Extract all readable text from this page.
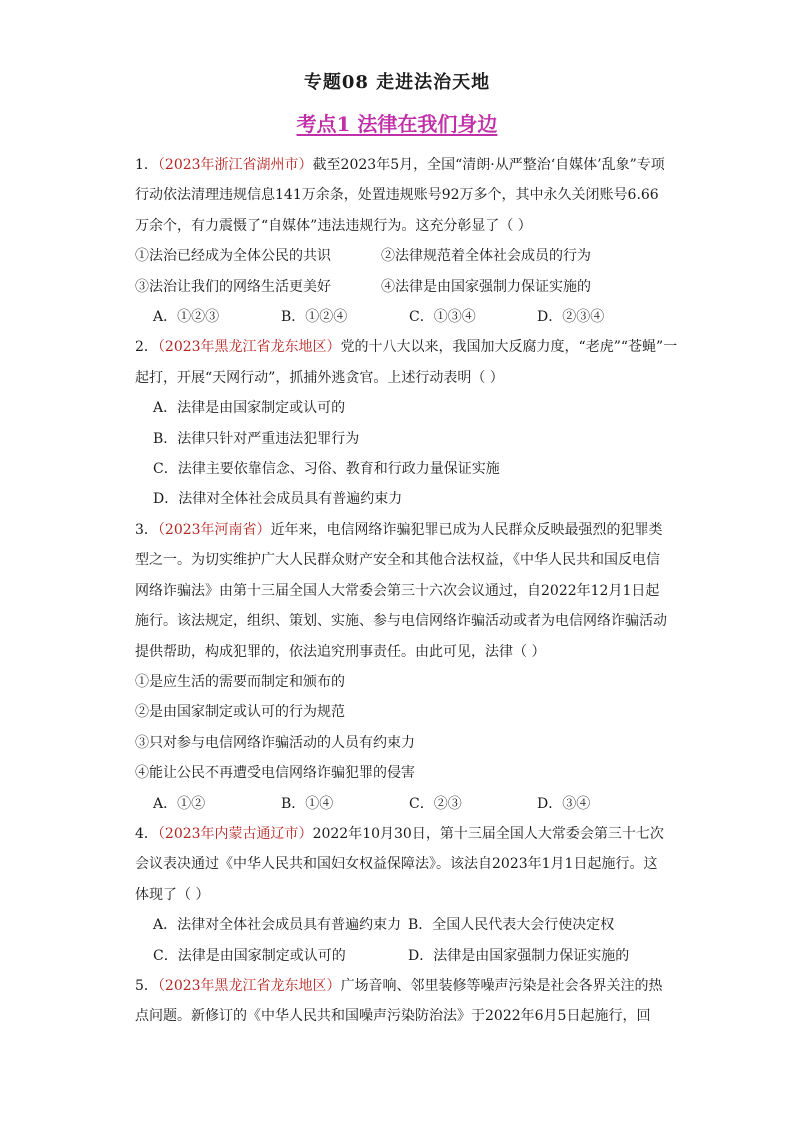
专题08 走进法治天地
考点1 法律在我们身边

1．（2023年浙江省湖州市）截至2023年5月，全国“清朗·从严整治‘自媒体’乱象”专项

行动依法清理违规信息141万余条，处置违规账号92万多个，其中永久关闭账号6.66

万余个，有力震慑了“自媒体”违法违规行为。这充分彰显了（ ）

①法治已经成为全体公民的共识	②法律规范着全体社会成员的行为

③法治让我们的网络生活更美好	④法律是由国家强制力保证实施的

A．①②③	B．①②④	C．①③④	D．②③④

2．（2023年黑龙江省龙东地区）党的十八大以来，我国加大反腐力度，“老虎”“苍蝇”一

起打，开展“天网行动”，抓捕外逃贪官。上述行动表明（ ）

A．法律是由国家制定或认可的

B．法律只针对严重违法犯罪行为

C．法律主要依靠信念、习俗、教育和行政力量保证实施

D．法律对全体社会成员具有普遍约束力

3．（2023年河南省）近年来，电信网络诈骗犯罪已成为人民群众反映最强烈的犯罪类

型之一。为切实维护广大人民群众财产安全和其他合法权益，《中华人民共和国反电信

网络诈骗法》由第十三届全国人大常委会第三十六次会议通过，自2022年12月1日起

施行。该法规定，组织、策划、实施、参与电信网络诈骗活动或者为电信网络诈骗活动

提供帮助，构成犯罪的，依法追究刑事责任。由此可见，法律（ ）

①是应生活的需要而制定和颁布的

②是由国家制定或认可的行为规范

③只对参与电信网络诈骗活动的人员有约束力

④能让公民不再遭受电信网络诈骗犯罪的侵害

A．①②	B．①④	C．②③	D．③④

4．（2023年内蒙古通辽市）2022年10月30日，第十三届全国人大常委会第三十七次

会议表决通过《中华人民共和国妇女权益保障法》。该法自2023年1月1日起施行。这

体现了（ ）

A．法律对全体社会成员具有普遍约束力 B．全国人民代表大会行使决定权

C．法律是由国家制定或认可的	D．法律是由国家强制力保证实施的

5．（2023年黑龙江省龙东地区）广场音响、邻里装修等噪声污染是社会各界关注的热

点问题。新修订的《中华人民共和国噪声污染防治法》于2022年6月5日起施行，回
